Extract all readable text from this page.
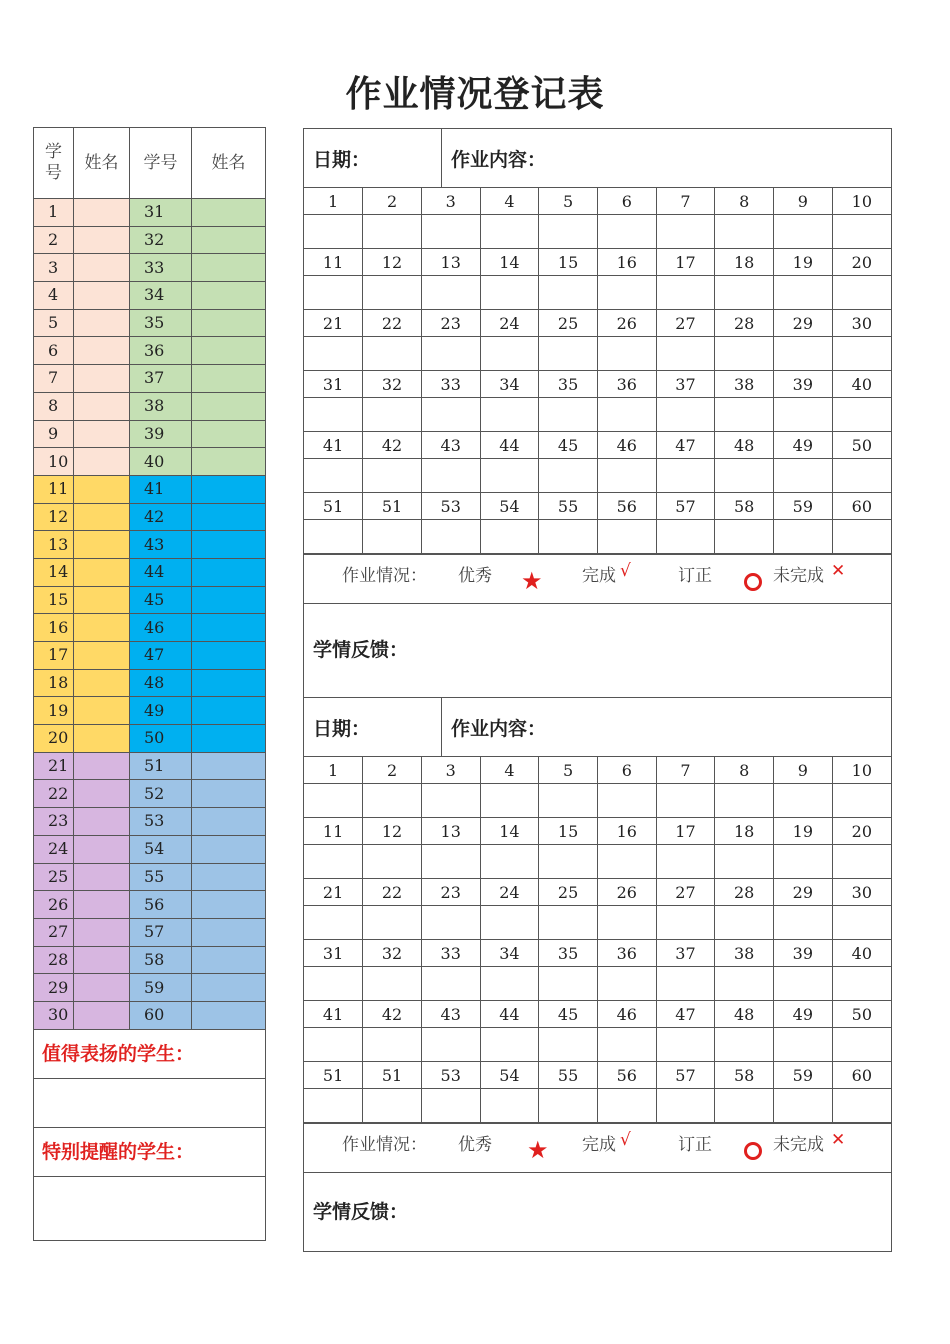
作业情况登记表
学号	姓名	学号	姓名
1		31	
2		32	
3		33	
4		34	
5		35	
6		36	
7		37	
8		38	
9		39	
10		40	
11		41	
12		42	
13		43	
14		44	
15		45	
16		46	
17		47	
18		48	
19		49	
20		50	
21		51	
22		52	
23		53	
24		54	
25		55	
26		56	
27		57	
28		58	
29		59	
30		60	
值得表扬的学生：			

特别提醒的学生：			

日期：	作业内容：
1	2	3	4	5	6	7	8	9	10

11	12	13	14	15	16	17	18	19	20

21	22	23	24	25	26	27	28	29	30

31	32	33	34	35	36	37	38	39	40

41	42	43	44	45	46	47	48	49	50

51	51	53	54	55	56	57	58	59	60

作业情况： 优秀 ★ 完成 √	订正	未完成 ✕
学情反馈：
日期：	作业内容：
1	2	3	4	5	6	7	8	9	10

11	12	13	14	15	16	17	18	19	20

21	22	23	24	25	26	27	28	29	30

31	32	33	34	35	36	37	38	39	40

41	42	43	44	45	46	47	48	49	50

51	51	53	54	55	56	57	58	59	60

作业情况： 优秀 ★ 完成 √	订正	未完成 ✕
学情反馈：
